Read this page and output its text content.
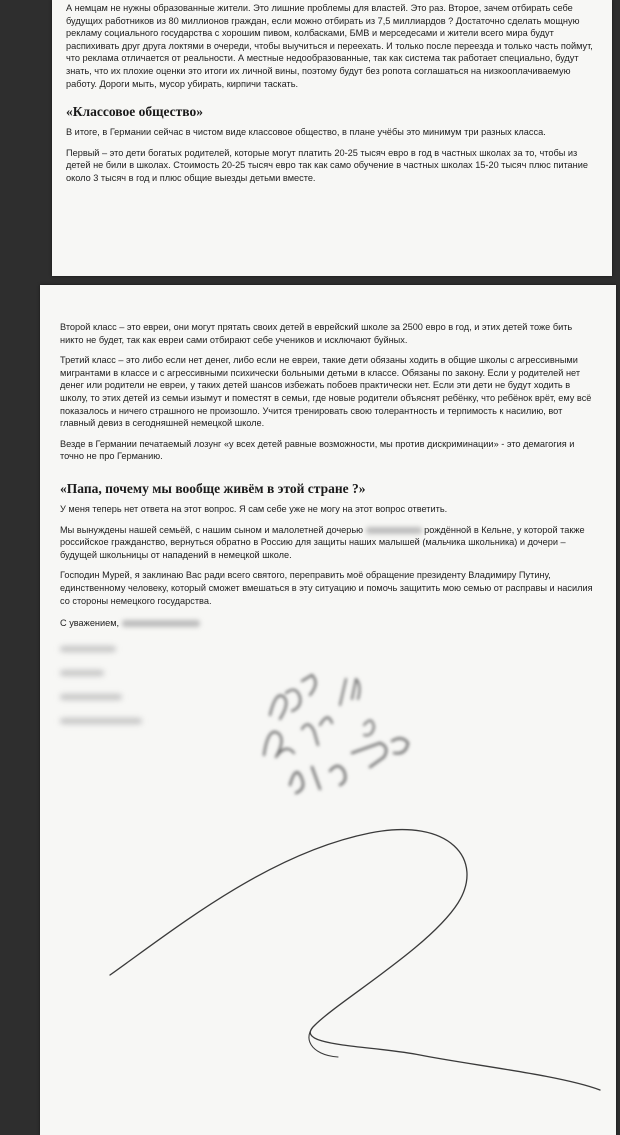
А немцам не нужны образованные жители. Это лишние проблемы для властей. Это раз. Второе, зачем отбирать себе будущих работников из 80 миллионов граждан, если можно отбирать из 7,5 миллиардов ? Достаточно сделать мощную рекламу социального государства с хорошим пивом, колбасками, БМВ и мерседесами и жители всего мира будут распихивать друг друга локтями в очереди, чтобы выучиться и переехать. И только после переезда и только часть поймут, что реклама отличается от реальности. А местные недообразованные, так как система так работает специально, будут знать, что их плохие оценки это итоги их личной вины, поэтому будут без ропота соглашаться на низкооплачиваемую работу. Дороги мыть, мусор убирать, кирпичи таскать.

«Классовое общество»

В итоге, в Германии сейчас в чистом виде классовое общество, в плане учёбы это минимум три разных класса.

Первый – это дети богатых родителей, которые могут платить 20-25 тысяч евро в год в частных школах за то, чтобы из детей не били в школах. Стоимость 20-25 тысяч евро так как само обучение в частных школах 15-20 тысяч плюс питание около 3 тысяч в год и плюс общие выезды детьми вместе.

Второй класс – это евреи, они могут прятать своих детей в еврейский школе за 2500 евро в год, и этих детей тоже бить никто не будет, так как евреи сами отбирают себе учеников и исключают буйных.

Третий класс – это либо если нет денег, либо если не евреи, такие дети обязаны ходить в общие школы с агрессивными мигрантами в классе и с агрессивными психически больными детьми в классе. Обязаны по закону. Если у родителей нет денег или родители не евреи, у таких детей шансов избежать побоев практически нет. Если эти дети не будут ходить в школу, то этих детей из семьи изымут и поместят в семьи, где новые родители объяснят ребёнку, что ребёнок врёт, ему всё показалось и ничего страшного не произошло. Учится тренировать свою толерантность и терпимость к насилию, вот главный девиз в сегодняшней немецкой школе.

Везде в Германии печатаемый лозунг «у всех детей равные возможности, мы против дискриминации» - это демагогия и точно не про Германию.

«Папа, почему мы вообще живём в этой стране ?»

У меня теперь нет ответа на этот вопрос. Я сам себе уже не могу на этот вопрос ответить.

Мы вынуждены нашей семьёй, с нашим сыном и малолетней дочерью	рождённой в Кельне, у которой также российское гражданство, вернуться обратно в Россию для защиты наших малышей (мальчика школьника) и дочери – будущей школьницы от нападений в немецкой школе.

Господин Мурей, я заклинаю Вас ради всего святого, переправить моё обращение президенту Владимиру Путину, единственному человеку, который сможет вмешаться в эту ситуацию и помочь защитить мою семью от расправы и насилия со стороны немецкого государства.

С уважением,
